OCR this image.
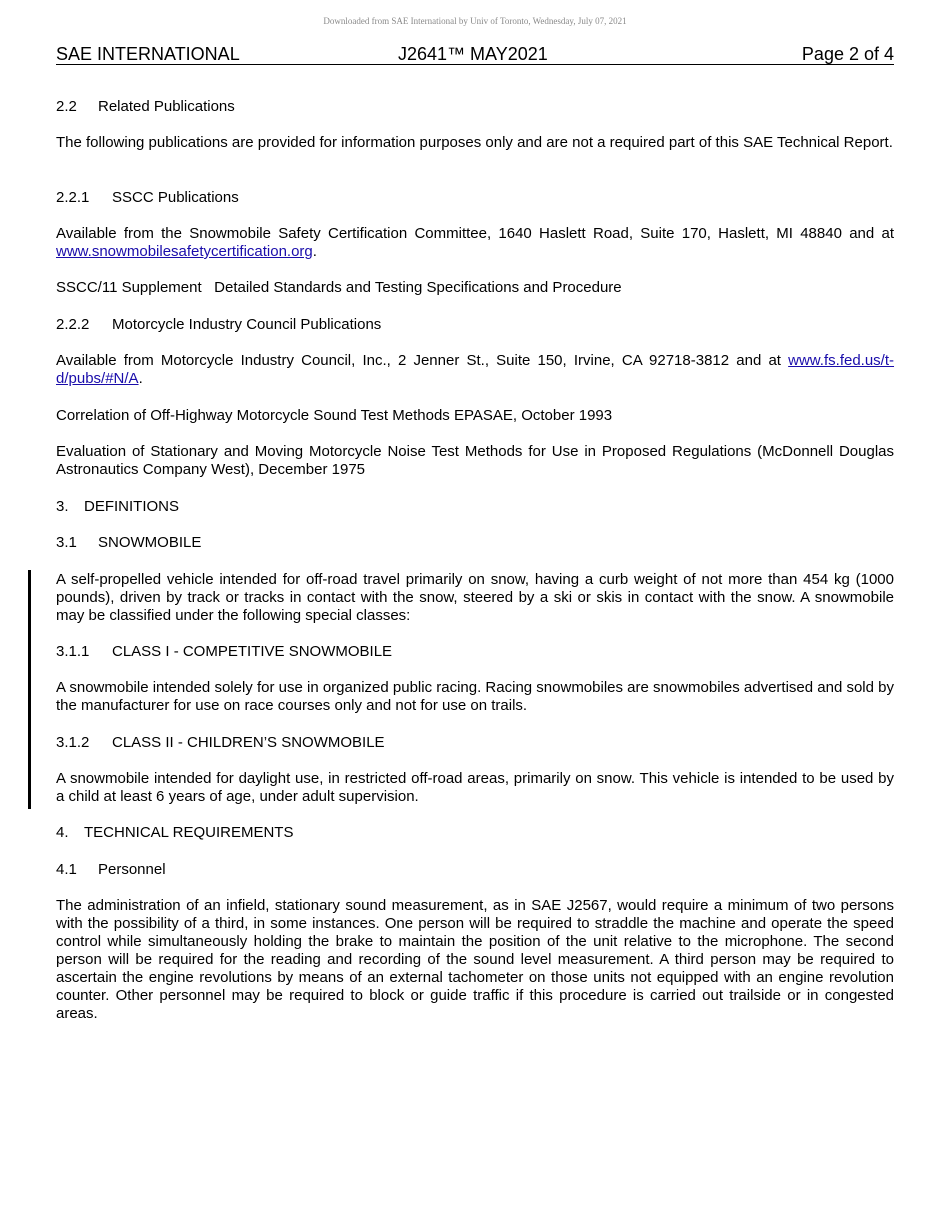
Downloaded from SAE International by Univ of Toronto, Wednesday, July 07, 2021
SAE INTERNATIONAL	J2641™ MAY2021	Page 2 of 4
2.2 Related Publications

The following publications are provided for information purposes only and are not a required part of this SAE Technical Report.

2.2.1 SSCC Publications
Available from the Snowmobile Safety Certification Committee, 1640 Haslett Road, Suite 170, Haslett, MI 48840 and at
www.snowmobilesafetycertification.org.
SSCC/11 Supplement Detailed Standards and Testing Specifications and Procedure
2.2.2 Motorcycle Industry Council Publications
Available from Motorcycle Industry Council, Inc., 2 Jenner St., Suite 150, Irvine, CA 92718-3812 and at www.fs.fed.us/t-
d/pubs/#N/A.

Correlation of Off-Highway Motorcycle Sound Test Methods EPASAE, October 1993

Evaluation of Stationary and Moving Motorcycle Noise Test Methods for Use in Proposed Regulations (McDonnell Douglas Astronautics Company West), December 1975

3. DEFINITIONS
3.1 SNOWMOBILE

A self-propelled vehicle intended for off-road travel primarily on snow, having a curb weight of not more than 454 kg (1000 pounds), driven by track or tracks in contact with the snow, steered by a ski or skis in contact with the snow. A snowmobile may be classified under the following special classes:

3.1.1 CLASS I - COMPETITIVE SNOWMOBILE

A snowmobile intended solely for use in organized public racing. Racing snowmobiles are snowmobiles advertised and sold by the manufacturer for use on race courses only and not for use on trails.

3.1.2 CLASS II - CHILDREN’S SNOWMOBILE

A snowmobile intended for daylight use, in restricted off-road areas, primarily on snow. This vehicle is intended to be used by a child at least 6 years of age, under adult supervision.

4. TECHNICAL REQUIREMENTS
4.1 Personnel

The administration of an infield, stationary sound measurement, as in SAE J2567, would require a minimum of two persons with the possibility of a third, in some instances. One person will be required to straddle the machine and operate the speed control while simultaneously holding the brake to maintain the position of the unit relative to the microphone. The second person will be required for the reading and recording of the sound level measurement. A third person may be required to ascertain the engine revolutions by means of an external tachometer on those units not equipped with an engine revolution counter. Other personnel may be required to block or guide traffic if this procedure is carried out trailside or in congested areas.
